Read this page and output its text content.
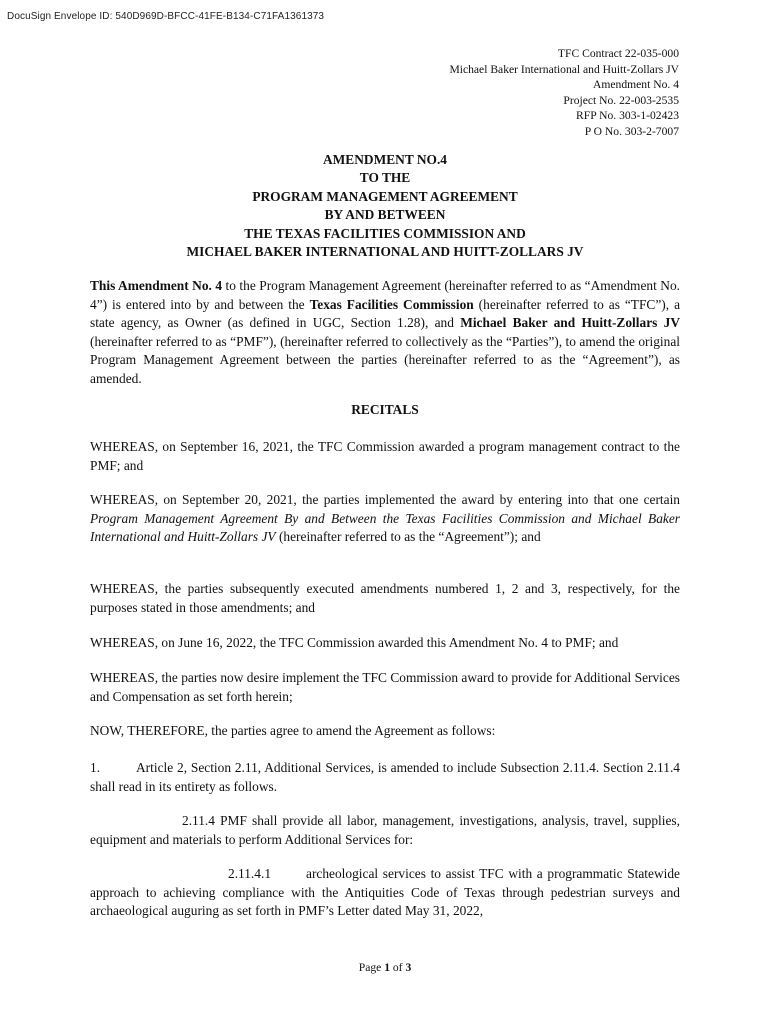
DocuSign Envelope ID: 540D969D-BFCC-41FE-B134-C71FA1361373
TFC Contract 22-035-000
Michael Baker International and Huitt-Zollars JV
Amendment No. 4
Project No. 22-003-2535
RFP No. 303-1-02423
P O No. 303-2-7007
AMENDMENT NO.4
TO THE
PROGRAM MANAGEMENT AGREEMENT
BY AND BETWEEN
THE TEXAS FACILITIES COMMISSION AND
MICHAEL BAKER INTERNATIONAL AND HUITT-ZOLLARS JV

This Amendment No. 4 to the Program Management Agreement (hereinafter referred to as “Amendment No. 4”) is entered into by and between the Texas Facilities Commission (hereinafter referred to as “TFC”), a state agency, as Owner (as defined in UGC, Section 1.28), and Michael Baker and Huitt-Zollars JV (hereinafter referred to as “PMF”), (hereinafter referred to collectively as the “Parties”), to amend the original Program Management Agreement between the parties (hereinafter referred to as the “Agreement”), as amended.

RECITALS

WHEREAS, on September 16, 2021, the TFC Commission awarded a program management contract to the PMF; and

WHEREAS, on September 20, 2021, the parties implemented the award by entering into that one certain Program Management Agreement By and Between the Texas Facilities Commission and Michael Baker International and Huitt-Zollars JV (hereinafter referred to as the “Agreement”); and

WHEREAS, the parties subsequently executed amendments numbered 1, 2 and 3, respectively, for the purposes stated in those amendments; and

WHEREAS, on June 16, 2022, the TFC Commission awarded this Amendment No. 4 to PMF; and

WHEREAS, the parties now desire implement the TFC Commission award to provide for Additional Services and Compensation as set forth herein;

NOW, THEREFORE, the parties agree to amend the Agreement as follows:

1.	Article 2, Section 2.11, Additional Services, is amended to include Subsection 2.11.4. Section 2.11.4 shall read in its entirety as follows.

2.11.4 PMF shall provide all labor, management, investigations, analysis, travel, supplies, equipment and materials to perform Additional Services for:

2.11.4.1	archeological services to assist TFC with a programmatic Statewide approach to achieving compliance with the Antiquities Code of Texas through pedestrian surveys and archaeological auguring as set forth in PMF’s Letter dated May 31, 2022,

Page 1 of 3
